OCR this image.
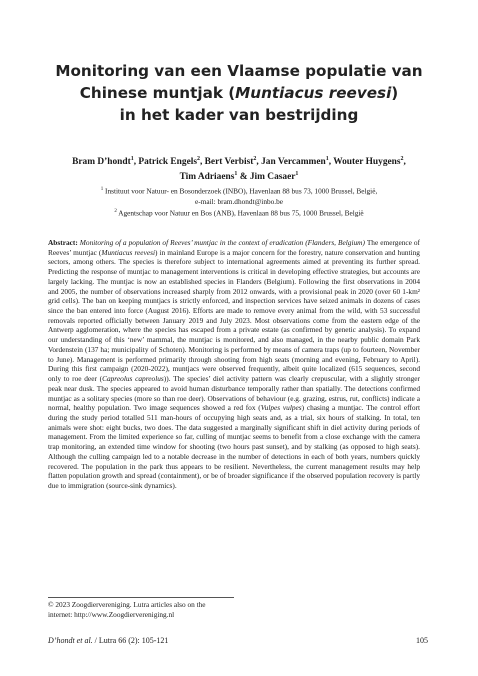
Monitoring van een Vlaamse populatie van
Chinese muntjak (Muntiacus reevesi)
in het kader van bestrijding
Bram D’hondt$^1$, Patrick Engels$^2$, Bert Verbist$^2$, Jan Vercammen$^1$, Wouter Huygens$^2$,
Tim Adriaens$^1$ & Jim Casaer$^1$
$^1$ Instituut voor Natuur- en Bosonderzoek (INBO), Havenlaan 88 bus 73, 1000 Brussel, België,
e-mail: bram.dhondt@inbo.be
$^2$ Agentschap voor Natuur en Bos (ANB), Havenlaan 88 bus 75, 1000 Brussel, België
Abstract: Monitoring of a population of Reeves’ muntjac in the context of eradication (Flanders, Belgium) The emergence of Reeves’ muntjac (Muntiacus reevesi) in mainland Europe is a major concern for the forestry, nature conservation and hunting sectors, among others. The species is therefore subject to international agreements aimed at preventing its further spread. Predicting the response of muntjac to management interventions is critical in developing effective strategies, but accounts are largely lacking. The muntjac is now an established species in Flanders (Belgium). Following the first observations in 2004 and 2005, the number of observations increased sharply from 2012 onwards, with a provisional peak in 2020 (over 60 1-km² grid cells). The ban on keeping muntjacs is strictly enforced, and inspection services have seized animals in dozens of cases since the ban entered into force (August 2016). Efforts are made to remove every animal from the wild, with 53 successful removals reported officially between January 2019 and July 2023. Most observations come from the eastern edge of the Antwerp agglomeration, where the species has escaped from a private estate (as confirmed by genetic analysis). To expand our understanding of this ‘new’ mammal, the muntjac is monitored, and also managed, in the nearby public domain Park Vordenstein (137 ha; municipality of Schoten). Monitoring is performed by means of camera traps (up to fourteen, November to June). Management is performed primarily through shooting from high seats (morning and evening, February to April). During this first campaign (2020-2022), muntjacs were observed frequently, albeit quite localized (615 sequences, second only to roe deer (Capreolus capreolus)). The species’ diel activity pattern was clearly crepuscular, with a slightly stronger peak near dusk. The species appeared to avoid human disturbance temporally rather than spatially. The detections confirmed muntjac as a solitary species (more so than roe deer). Observations of behaviour (e.g. grazing, estrus, rut, conflicts) indicate a normal, healthy population. Two image sequences showed a red fox (Vulpes vulpes) chasing a muntjac. The control effort during the study period totalled 511 man-hours of occupying high seats and, as a trial, six hours of stalking. In total, ten animals were shot: eight bucks, two does. The data suggested a marginally significant shift in diel activity during periods of management. From the limited experience so far, culling of muntjac seems to benefit from a close exchange with the camera trap monitoring, an extended time window for shooting (two hours past sunset), and by stalking (as opposed to high seats). Although the culling campaign led to a notable decrease in the number of detections in each of both years, numbers quickly recovered. The population in the park thus appears to be resilient. Nevertheless, the current management results may help flatten population growth and spread (containment), or be of broader significance if the observed population recovery is partly due to immigration (source-sink dynamics).
© 2023 Zoogdiervereniging. Lutra articles also on the
internet: http://www.Zoogdiervereniging.nl
D’hondt et al. / Lutra 66 (2): 105-121	105
